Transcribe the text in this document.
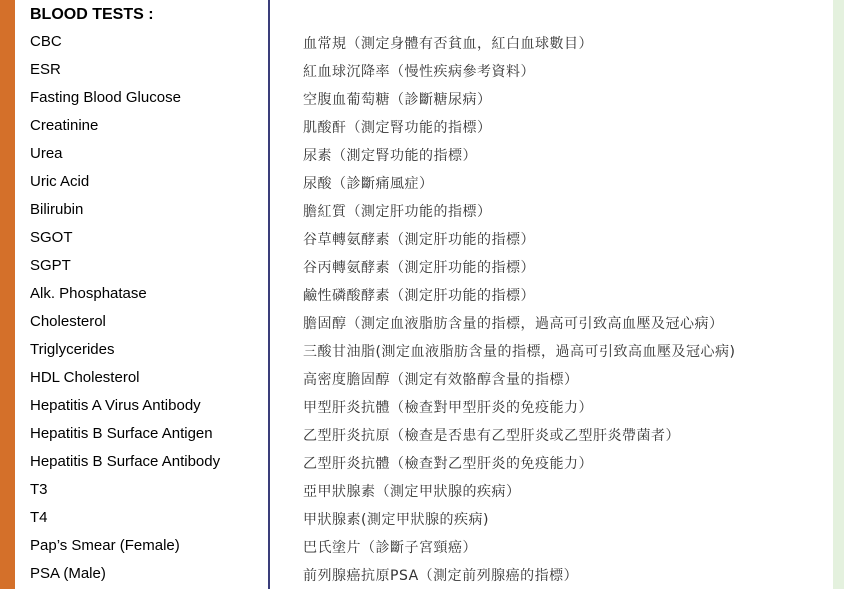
BLOOD TESTS :
CBC	血常規（測定身體有否貧血，紅白血球數目）
ESR	紅血球沉降率（慢性疾病參考資料）
Fasting Blood Glucose	空腹血葡萄糖（診斷糖尿病）
Creatinine	肌酸酐（測定腎功能的指標）
Urea	尿素（測定腎功能的指標）
Uric Acid	尿酸（診斷痛風症）
Bilirubin	膽紅質（測定肝功能的指標）
SGOT	谷草轉氨酵素（測定肝功能的指標）
SGPT	谷丙轉氨酵素（測定肝功能的指標）
Alk. Phosphatase	鹼性磷酸酵素（測定肝功能的指標）
Cholesterol	膽固醇（測定血液脂肪含量的指標，過高可引致高血壓及冠心病）
Triglycerides	三酸甘油脂(測定血液脂肪含量的指標，過高可引致高血壓及冠心病)
HDL Cholesterol	高密度膽固醇（測定有效骼醇含量的指標）
Hepatitis A Virus Antibody	甲型肝炎抗體（檢查對甲型肝炎的免疫能力）
Hepatitis B Surface Antigen	乙型肝炎抗原（檢查是否患有乙型肝炎或乙型肝炎帶菌者）
Hepatitis B Surface Antibody	乙型肝炎抗體（檢查對乙型肝炎的免疫能力）
T3	亞甲狀腺素（測定甲狀腺的疾病）
T4	甲狀腺素(測定甲狀腺的疾病)
Pap’s Smear (Female)	巴氏塗片（診斷子宮頸癌）
PSA (Male)	前列腺癌抗原PSA（測定前列腺癌的指標）
